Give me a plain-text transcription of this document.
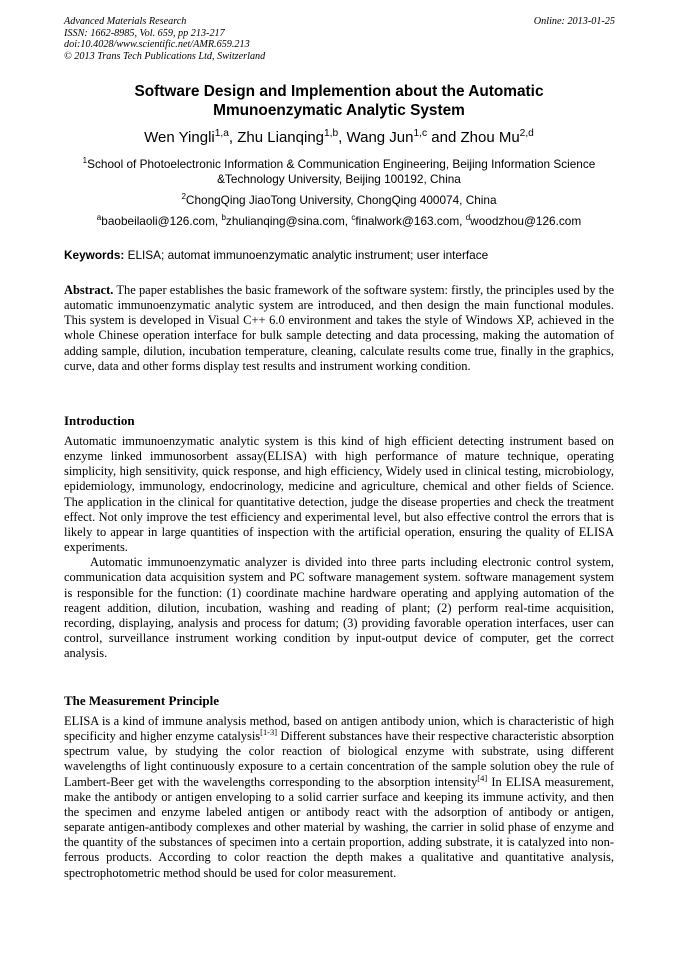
Advanced Materials Research
ISSN: 1662-8985, Vol. 659, pp 213-217
doi:10.4028/www.scientific.net/AMR.659.213
© 2013 Trans Tech Publications Ltd, Switzerland
Online: 2013-01-25
Software Design and Implemention about the Automatic
Mmunoenzymatic Analytic System
Wen Yingli$^{1,a}$, Zhu Lianqing$^{1,b}$, Wang Jun$^{1,c}$ and Zhou Mu$^{2,d}$
$^1$School of Photoelectronic Information & Communication Engineering, Beijing Information Science
&Technology University, Beijing 100192, China
$^2$ChongQing JiaoTong University, ChongQing 400074, China
$^a$baobeilaoli@126.com, $^b$zhulianqing@sina.com, $^c$finalwork@163.com, $^d$woodzhou@126.com
Keywords: ELISA; automat immunoenzymatic analytic instrument; user interface

Abstract. The paper establishes the basic framework of the software system: firstly, the principles used by the automatic immunoenzymatic analytic system are introduced, and then design the main functional modules. This system is developed in Visual C++ 6.0 environment and takes the style of Windows XP, achieved in the whole Chinese operation interface for bulk sample detecting and data processing, making the automation of adding sample, dilution, incubation temperature, cleaning, calculate results come true, finally in the graphics, curve, data and other forms display test results and instrument working condition.

Introduction

Automatic immunoenzymatic analytic system is this kind of high efficient detecting instrument based on enzyme linked immunosorbent assay(ELISA) with high performance of mature technique, operating simplicity, high sensitivity, quick response, and high efficiency, Widely used in clinical testing, microbiology, epidemiology, immunology, endocrinology, medicine and agriculture, chemical and other fields of Science. The application in the clinical for quantitative detection, judge the disease properties and check the treatment effect. Not only improve the test efficiency and experimental level, but also effective control the errors that is likely to appear in large quantities of inspection with the artificial operation, ensuring the quality of ELISA experiments.

Automatic immunoenzymatic analyzer is divided into three parts including electronic control system, communication data acquisition system and PC software management system. software management system is responsible for the function: (1) coordinate machine hardware operating and applying automation of the reagent addition, dilution, incubation, washing and reading of plant; (2) perform real-time acquisition, recording, displaying, analysis and process for datum; (3) providing favorable operation interfaces, user can control, surveillance instrument working condition by input-output device of computer, get the correct analysis.

The Measurement Principle

ELISA is a kind of immune analysis method, based on antigen antibody union, which is characteristic of high specificity and higher enzyme catalysis[1-3] Different substances have their respective characteristic absorption spectrum value, by studying the color reaction of biological enzyme with substrate, using different wavelengths of light continuously exposure to a certain concentration of the sample solution obey the rule of Lambert-Beer get with the wavelengths corresponding to the absorption intensity[4] In ELISA measurement, make the antibody or antigen enveloping to a solid carrier surface and keeping its immune activity, and then the specimen and enzyme labeled antigen or antibody react with the adsorption of antibody or antigen, separate antigen-antibody complexes and other material by washing, the carrier in solid phase of enzyme and the quantity of the substances of specimen into a certain proportion, adding substrate, it is catalyzed into non-ferrous products. According to color reaction the depth makes a qualitative and quantitative analysis, spectrophotometric method should be used for color measurement.
